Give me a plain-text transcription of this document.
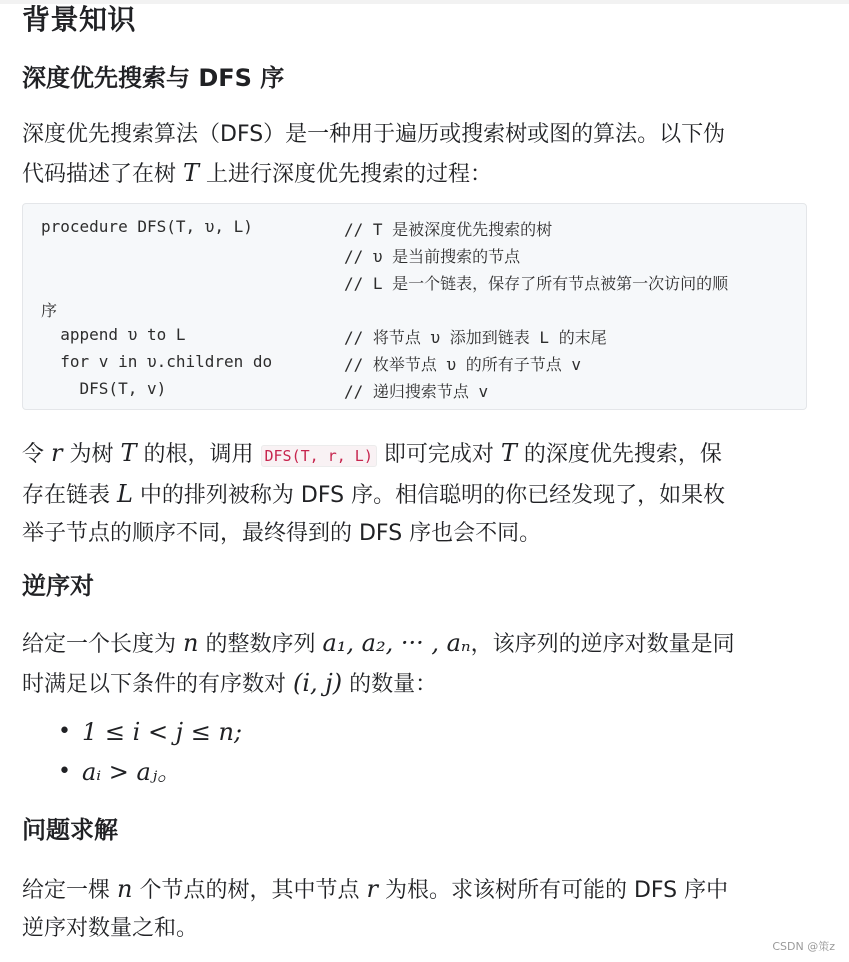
背景知识
深度优先搜索与 DFS 序

深度优先搜索算法（DFS）是一种用于遍历或搜索树或图的算法。以下伪
代码描述了在树 T 上进行深度优先搜索的过程：

procedure DFS(T, υ, L)	// T 是被深度优先搜索的树
// υ 是当前搜索的节点
// L 是一个链表，保存了所有节点被第一次访问的顺
序
append υ to L	// 将节点 υ 添加到链表 L 的末尾
for v in υ.children do	// 枚举节点 υ 的所有子节点 v
DFS(T, v)	// 递归搜索节点 v

令 r 为树 T 的根，调用 DFS(T, r, L) 即可完成对 T 的深度优先搜索，保
存在链表 L 中的排列被称为 DFS 序。相信聪明的你已经发现了，如果枚
举子节点的顺序不同，最终得到的 DFS 序也会不同。

逆序对

给定一个长度为 n 的整数序列 a₁, a₂, ··· , aₙ，该序列的逆序对数量是同
时满足以下条件的有序数对 (i, j) 的数量：

• 1 ≤ i < j ≤ n;
• aᵢ > aⱼ。
问题求解

给定一棵 n 个节点的树，其中节点 r 为根。求该树所有可能的 DFS 序中
逆序对数量之和。

CSDN @策z
